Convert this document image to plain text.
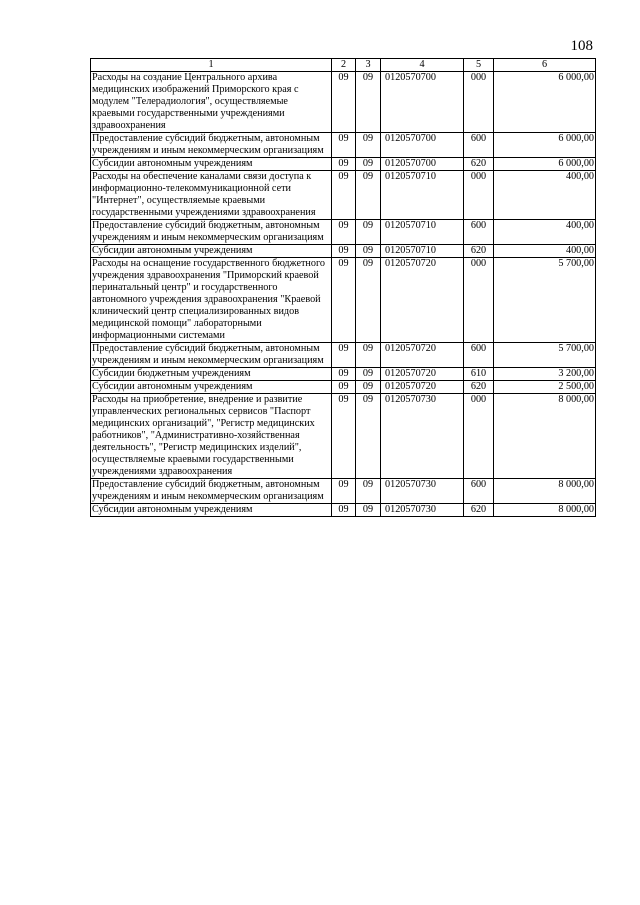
108
1	2	3	4	5	6
Расходы на создание Центрального архива медицинских изображений Приморского края с модулем "Телерадиология", осуществляемые краевыми государственными учреждениями здравоохранения	09	09	0120570700	000	6 000,00
Предоставление субсидий бюджетным, автономным учреждениям и иным некоммерческим организациям	09	09	0120570700	600	6 000,00
Субсидии автономным учреждениям	09	09	0120570700	620	6 000,00
Расходы на обеспечение каналами связи доступа к информационно-телекоммуникационной сети "Интернет", осуществляемые краевыми государственными учреждениями здравоохранения	09	09	0120570710	000	400,00
Предоставление субсидий бюджетным, автономным учреждениям и иным некоммерческим организациям	09	09	0120570710	600	400,00
Субсидии автономным учреждениям	09	09	0120570710	620	400,00
Расходы на оснащение государственного бюджетного учреждения здравоохранения "Приморский краевой перинатальный центр" и государственного автономного учреждения здравоохранения "Краевой клинический центр специализированных видов медицинской помощи" лабораторными информационными системами	09	09	0120570720	000	5 700,00
Предоставление субсидий бюджетным, автономным учреждениям и иным некоммерческим организациям	09	09	0120570720	600	5 700,00
Субсидии бюджетным учреждениям	09	09	0120570720	610	3 200,00
Субсидии автономным учреждениям	09	09	0120570720	620	2 500,00
Расходы на приобретение, внедрение и развитие управленческих региональных сервисов "Паспорт медицинских организаций", "Регистр медицинских работников", "Административно-хозяйственная деятельность", "Регистр медицинских изделий", осуществляемые краевыми государственными учреждениями здравоохранения	09	09	0120570730	000	8 000,00
Предоставление субсидий бюджетным, автономным учреждениям и иным некоммерческим организациям	09	09	0120570730	600	8 000,00
Субсидии автономным учреждениям	09	09	0120570730	620	8 000,00
